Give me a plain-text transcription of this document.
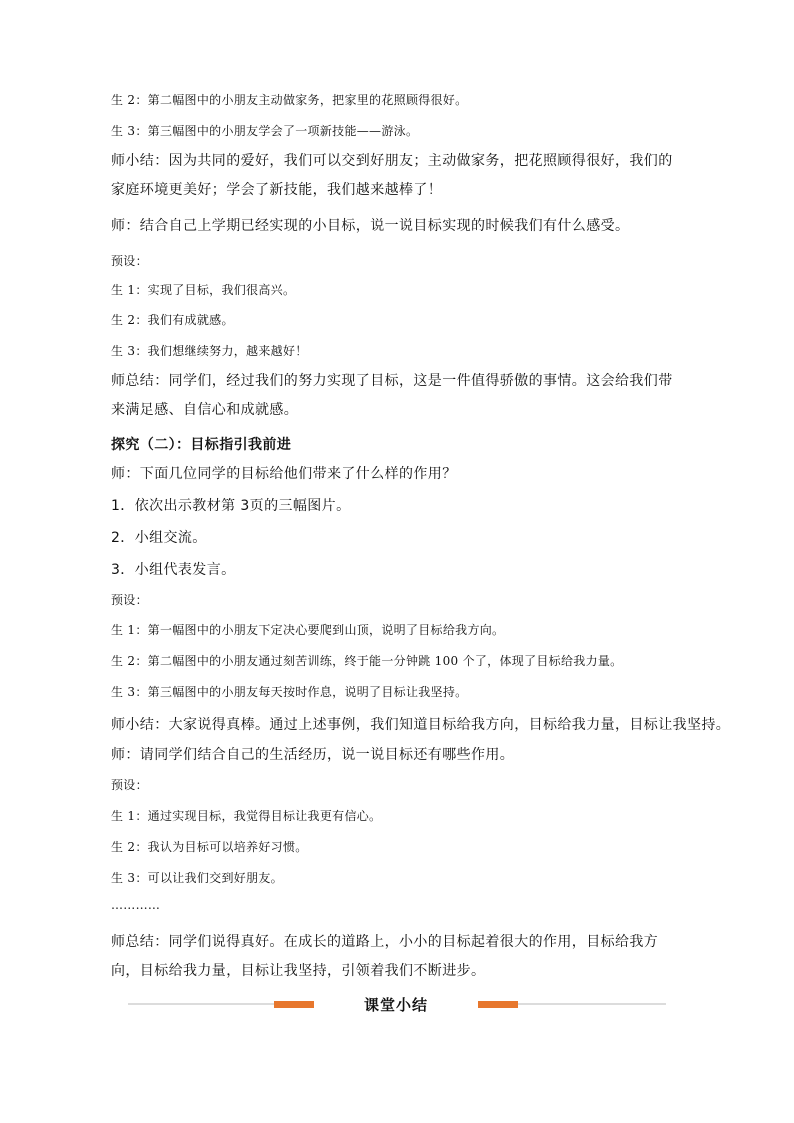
生 2：第二幅图中的小朋友主动做家务，把家里的花照顾得很好。
生 3：第三幅图中的小朋友学会了一项新技能——游泳。
师小结：因为共同的爱好，我们可以交到好朋友；主动做家务，把花照顾得很好，我们的家庭环境更美好；学会了新技能，我们越来越棒了！
师：结合自己上学期已经实现的小目标，说一说目标实现的时候我们有什么感受。
预设：
生 1：实现了目标，我们很高兴。
生 2：我们有成就感。
生 3：我们想继续努力，越来越好！
师总结：同学们，经过我们的努力实现了目标，这是一件值得骄傲的事情。这会给我们带来满足感、自信心和成就感。
探究（二）：目标指引我前进
师：下面几位同学的目标给他们带来了什么样的作用？
1．依次出示教材第 3页的三幅图片。
2．小组交流。
3．小组代表发言。
预设：
生 1：第一幅图中的小朋友下定决心要爬到山顶，说明了目标给我方向。
生 2：第二幅图中的小朋友通过刻苦训练，终于能一分钟跳 100 个了，体现了目标给我力量。
生 3：第三幅图中的小朋友每天按时作息，说明了目标让我坚持。
师小结：大家说得真棒。通过上述事例，我们知道目标给我方向，目标给我力量，目标让我坚持。
师：请同学们结合自己的生活经历，说一说目标还有哪些作用。
预设：
生 1：通过实现目标，我觉得目标让我更有信心。
生 2：我认为目标可以培养好习惯。
生 3：可以让我们交到好朋友。
…………
师总结：同学们说得真好。在成长的道路上，小小的目标起着很大的作用，目标给我方向，目标给我力量，目标让我坚持，引领着我们不断进步。
课堂小结
